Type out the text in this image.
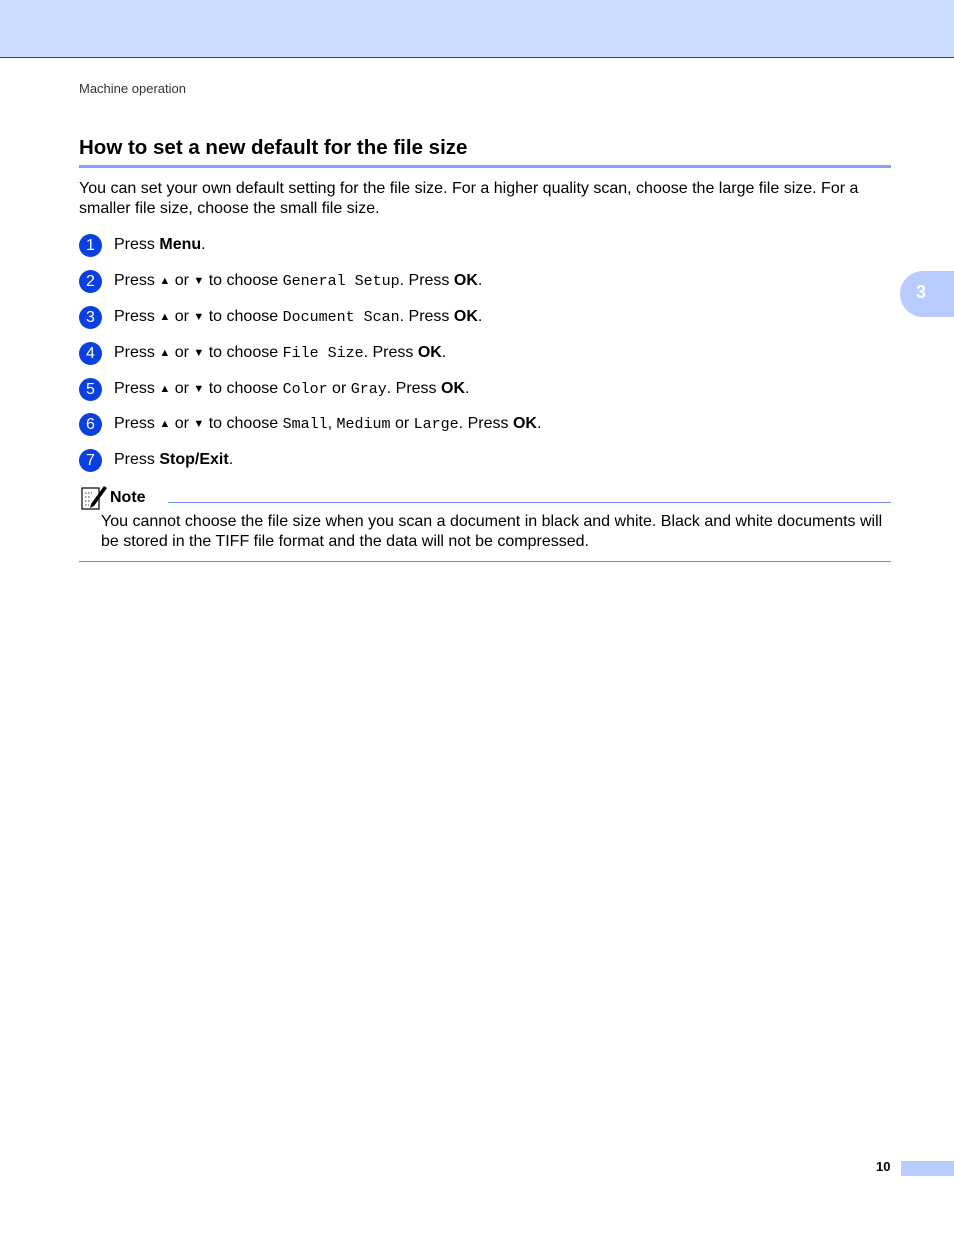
Machine operation
How to set a new default for the file size
You can set your own default setting for the file size. For a higher quality scan, choose the large file size. For a smaller file size, choose the small file size.
1	Press Menu.
2	Press ▲ or ▼ to choose General Setup. Press OK.
3	Press ▲ or ▼ to choose Document Scan. Press OK.
4	Press ▲ or ▼ to choose File Size. Press OK.
5	Press ▲ or ▼ to choose Color or Gray. Press OK.
6	Press ▲ or ▼ to choose Small, Medium or Large. Press OK.
7	Press Stop/Exit.
3
Note
You cannot choose the file size when you scan a document in black and white. Black and white documents will be stored in the TIFF file format and the data will not be compressed.
10
